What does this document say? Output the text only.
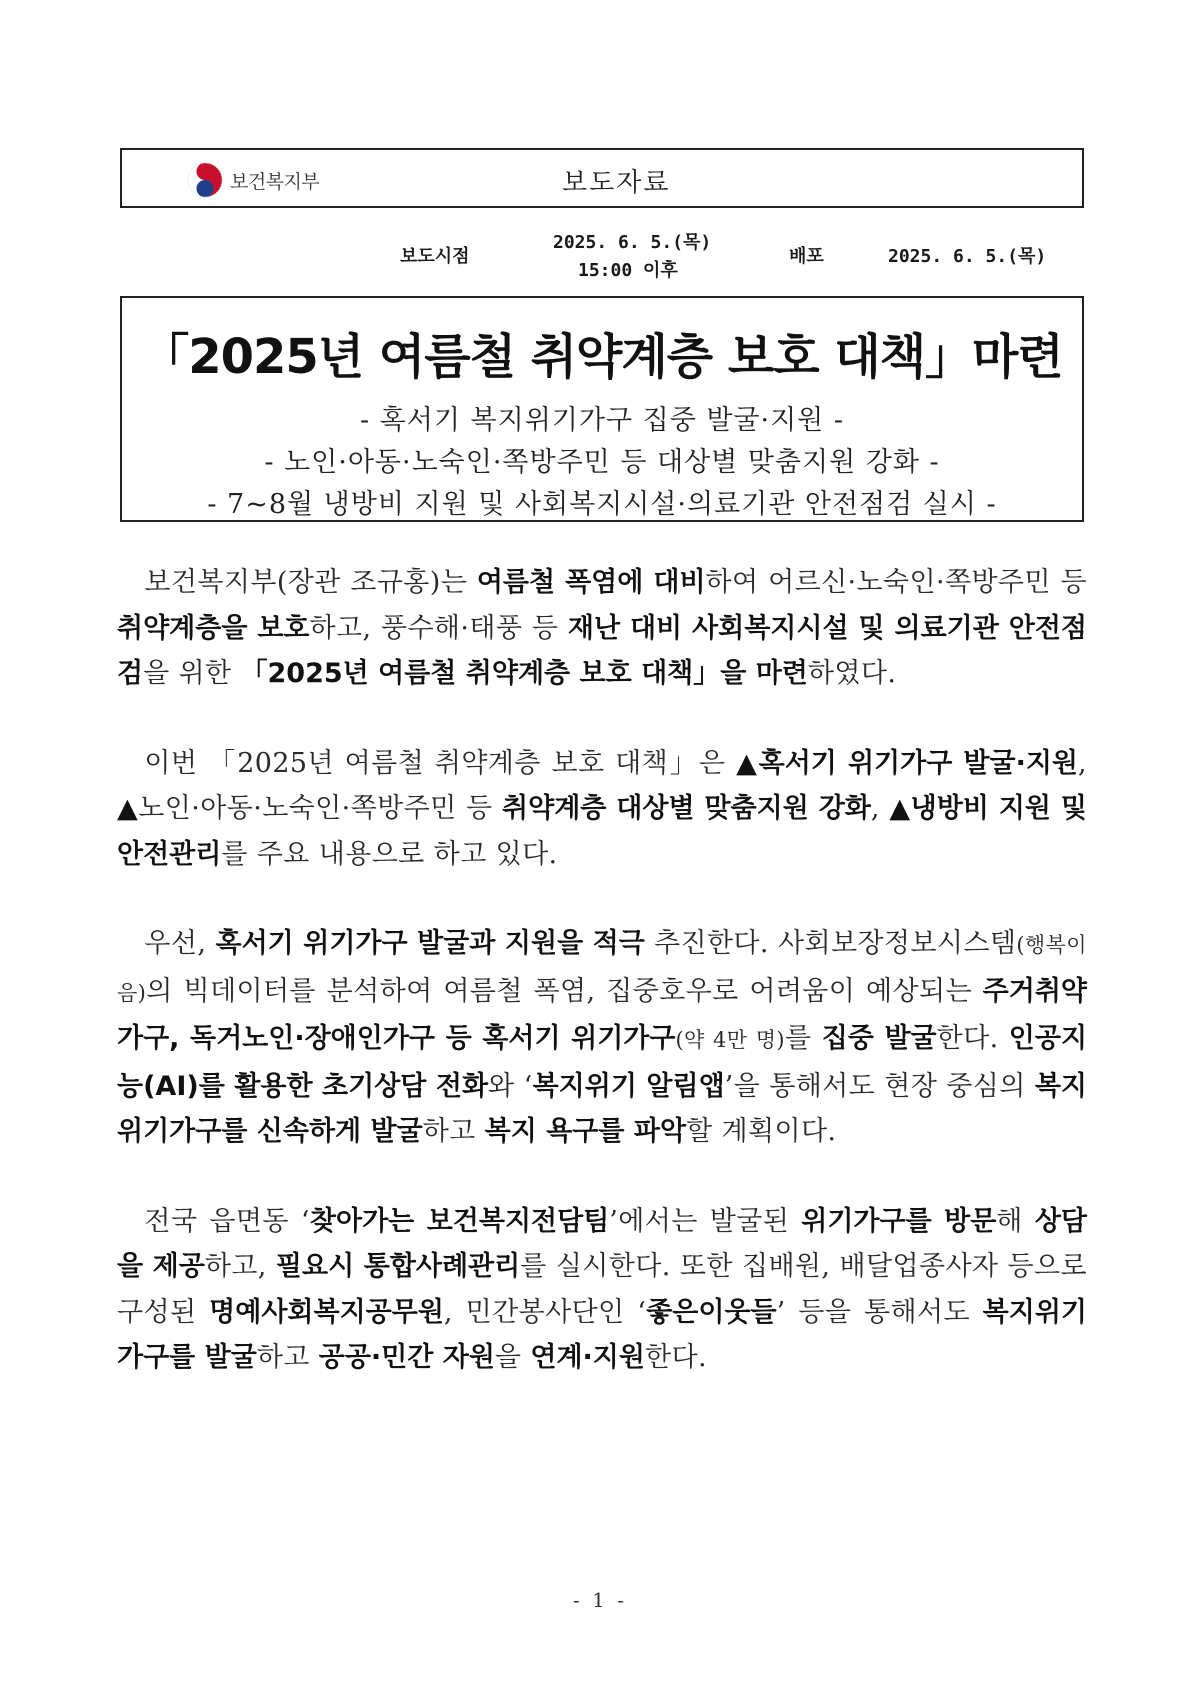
보건복지부	보도자료
보도시점
2025. 6. 5.(목)
15:00 이후
배포	2025. 6. 5.(목)
「2025년 여름철 취약계층 보호 대책」마련
- 혹서기 복지위기가구 집중 발굴·지원 -
- 노인·아동·노숙인·쪽방주민 등 대상별 맞춤지원 강화 -
- 7~8월 냉방비 지원 및 사회복지시설·의료기관 안전점검 실시 -

 보건복지부(장관 조규홍)는 여름철 폭염에 대비하여 어르신·노숙인·쪽방주민 등 취약계층을 보호하고, 풍수해·태풍 등 재난 대비 사회복지시설 및 의료기관 안전점검을 위한 「2025년 여름철 취약계층 보호 대책」을 마련하였다.

 이번 「2025년 여름철 취약계층 보호 대책」은 ▲혹서기 위기가구 발굴·지원, ▲노인·아동·노숙인·쪽방주민 등 취약계층 대상별 맞춤지원 강화, ▲냉방비 지원 및 안전관리를 주요 내용으로 하고 있다.

 우선, 혹서기 위기가구 발굴과 지원을 적극 추진한다. 사회보장정보시스템(행복이음)의 빅데이터를 분석하여 여름철 폭염, 집중호우로 어려움이 예상되는 주거취약가구, 독거노인·장애인가구 등 혹서기 위기가구(약 4만 명)를 집중 발굴한다. 인공지능(AI)를 활용한 초기상담 전화와 ‘복지위기 알림앱’을 통해서도 현장 중심의 복지위기가구를 신속하게 발굴하고 복지 욕구를 파악할 계획이다.

 전국 읍면동 ‘찾아가는 보건복지전담팀’에서는 발굴된 위기가구를 방문해 상담을 제공하고, 필요시 통합사례관리를 실시한다. 또한 집배원, 배달업종사자 등으로 구성된 명예사회복지공무원, 민간봉사단인 ‘좋은이웃들’ 등을 통해서도 복지위기가구를 발굴하고 공공·민간 자원을 연계·지원한다.

- 1 -
